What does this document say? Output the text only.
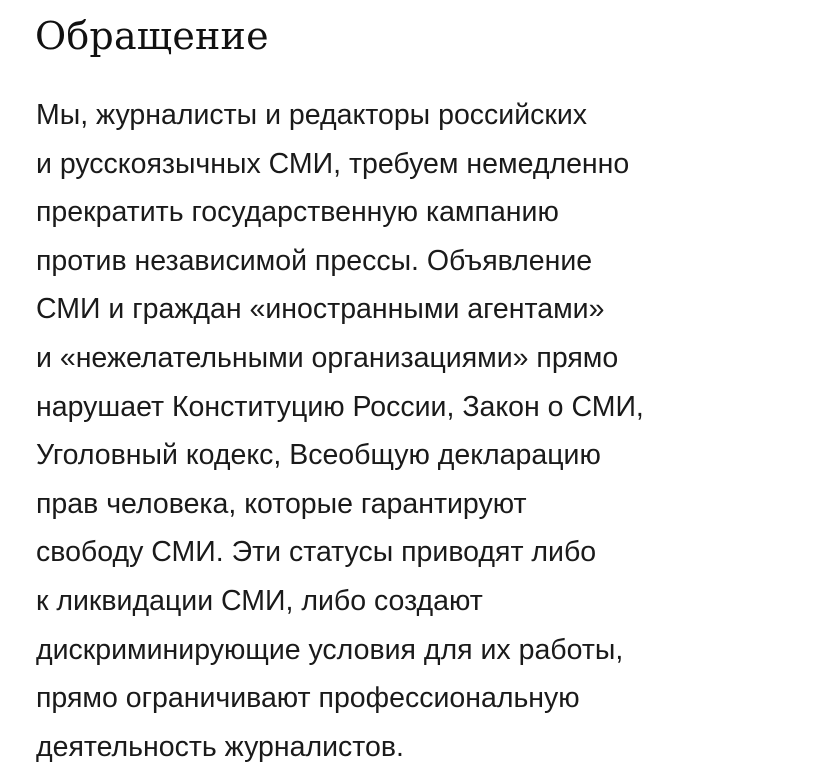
Обращение
Мы, журналисты и редакторы российских
и русскоязычных СМИ, требуем немедленно
прекратить государственную кампанию
против независимой прессы. Объявление
СМИ и граждан «иностранными агентами»
и «нежелательными организациями» прямо
нарушает Конституцию России, Закон о СМИ,
Уголовный кодекс, Всеобщую декларацию
прав человека, которые гарантируют
свободу СМИ. Эти статусы приводят либо
к ликвидации СМИ, либо создают
дискриминирующие условия для их работы,
прямо ограничивают профессиональную
деятельность журналистов.
